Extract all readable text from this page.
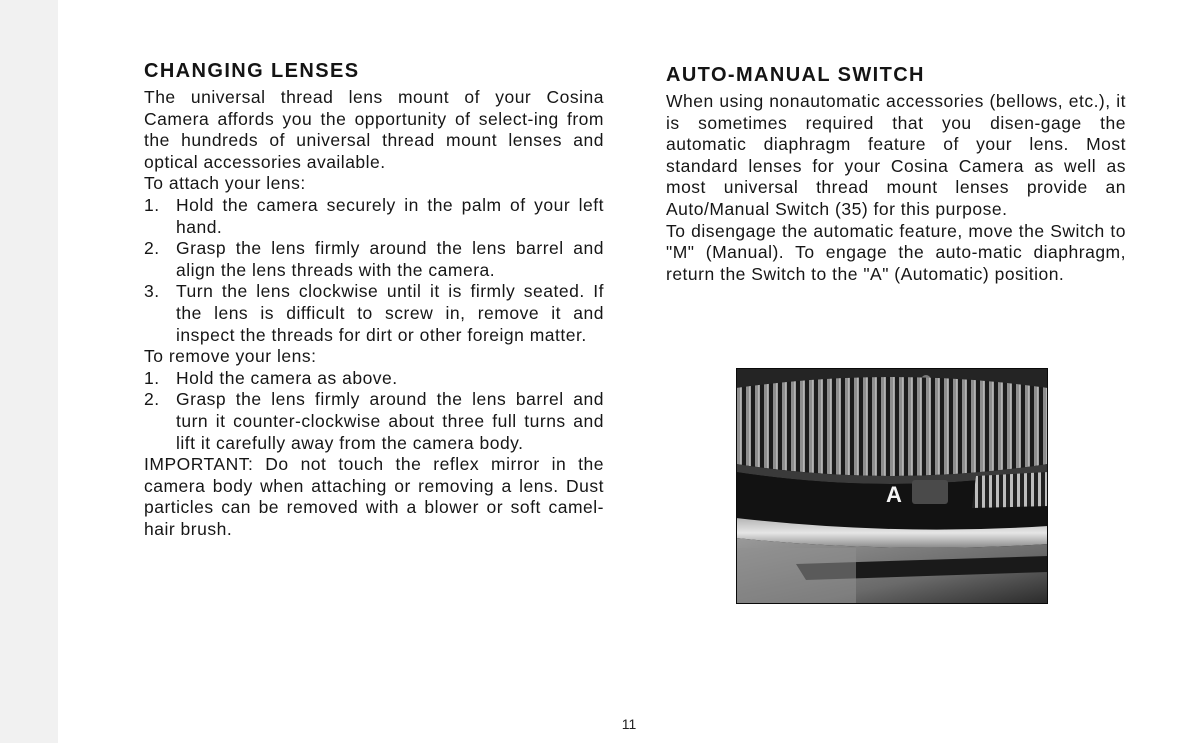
CHANGING LENSES

The universal thread lens mount of your Cosina Camera affords you the opportunity of select-ing from the hundreds of universal thread mount lenses and optical accessories available.

To attach your lens:

1. Hold the camera securely in the palm of your left hand.
2. Grasp the lens firmly around the lens barrel and align the lens threads with the camera.
3. Turn the lens clockwise until it is firmly seated. If the lens is difficult to screw in, remove it and inspect the threads for dirt or other foreign matter.

To remove your lens:

1. Hold the camera as above.
2. Grasp the lens firmly around the lens barrel and turn it counter-clockwise about three full turns and lift it carefully away from the camera body.

IMPORTANT: Do not touch the reflex mirror in the camera body when attaching or removing a lens. Dust particles can be removed with a blower or soft camel-hair brush.

AUTO-MANUAL SWITCH

When using nonautomatic accessories (bellows, etc.), it is sometimes required that you disen-gage the automatic diaphragm feature of your lens. Most standard lenses for your Cosina Camera as well as most universal thread mount lenses provide an Auto/Manual Switch (35) for this purpose.

To disengage the automatic feature, move the Switch to "M" (Manual). To engage the auto-matic diaphragm, return the Switch to the "A" (Automatic) position.

A
11
